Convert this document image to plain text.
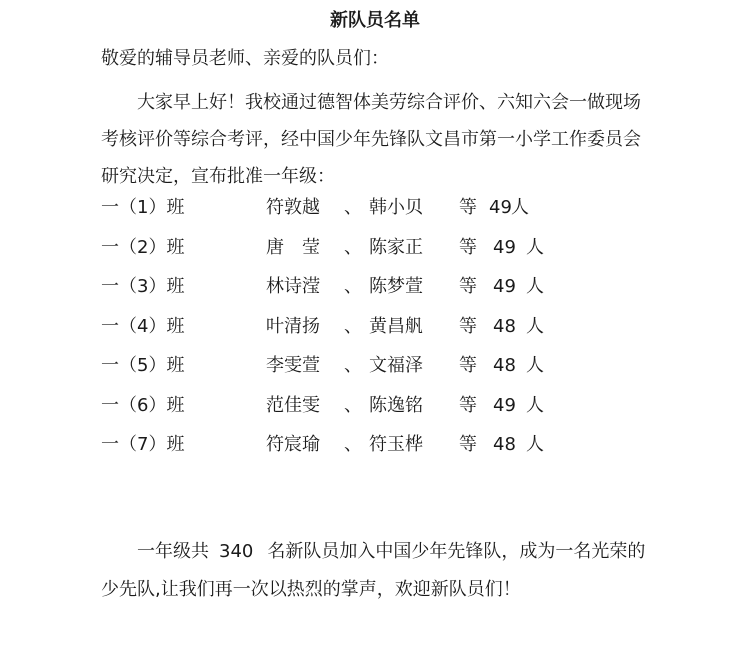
新队员名单
敬爱的辅导员老师、亲爱的队员们：
大家早上好！我校通过德智体美劳综合评价、六知六会一做现场
考核评价等综合考评，经中国少年先锋队文昌市第一小学工作委员会
研究决定，宣布批准一年级：
一（1）班	符敦越 、 韩小贝 等 49 人
一（2）班	唐　莹 、 陈家正 等 49 人
一（3）班	林诗滢 、 陈梦萱 等 49 人
一（4）班	叶清扬 、 黄昌舤 等 48 人
一（5）班	李雯萱 、 文福泽 等 48 人
一（6）班	范佳雯 、 陈逸铭 等 49 人
一（7）班	符宸瑜 、 符玉桦 等 48 人
一年级共 340 名新队员加入中国少年先锋队，成为一名光荣的
少先队,让我们再一次以热烈的掌声，欢迎新队员们！
